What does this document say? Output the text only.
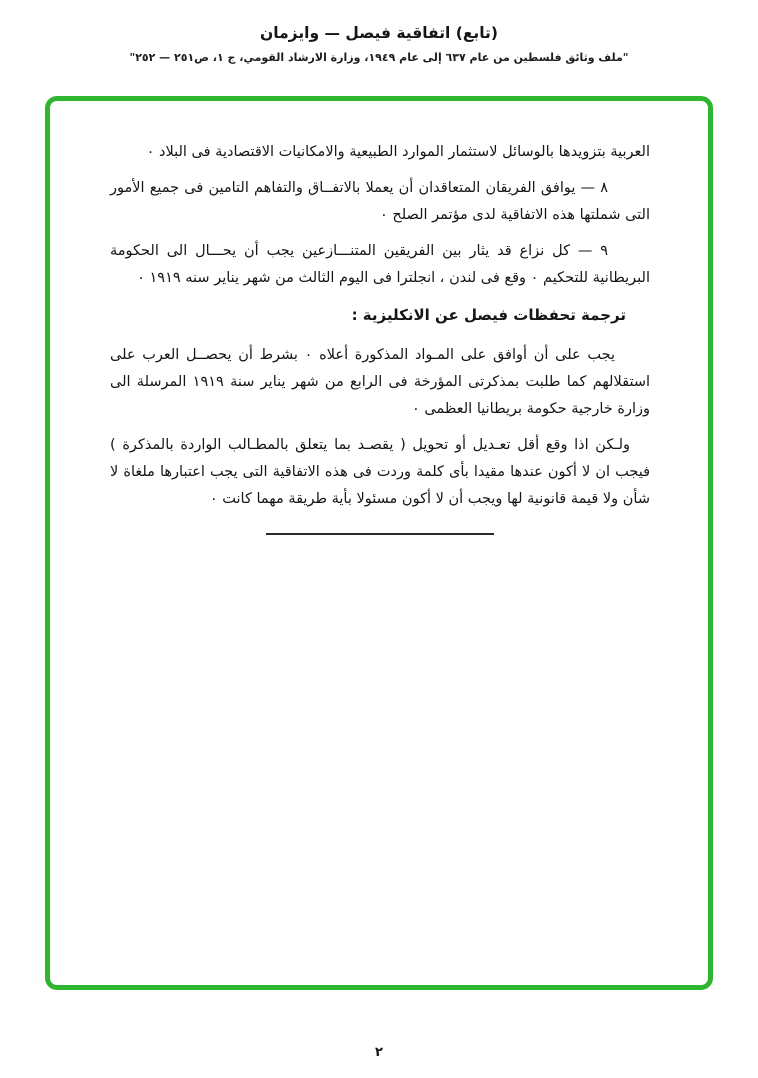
(تابع) اتفاقية فيصل — وايزمان
"ملف وثائق فلسطين من عام ٦٣٧ إلى عام ١٩٤٩، وزارة الارشاد القومي، ج ١، ص٢٥١ — ٢٥٢"

العربية بتزويدها بالوسائل لاستثمار الموارد الطبيعية والامكانيات الاقتصادية فى البلاد ٠

٨ — يوافق الفريقان المتعاقدان أن يعملا بالاتفــاق والتفاهم التامين فى جميع الأمور التى شملتها هذه الاتفاقية لدى مؤتمر الصلح ٠

٩ — كل نزاع قد يثار بين الفريقين المتنـــازعين يجب أن يحـــال الى الحكومة البريطانية للتحكيم ٠ وقع فى لندن ، انجلترا فى اليوم الثالث من شهر يناير سنه ١٩١٩ ٠

ترجمة تحفظات فيصل عن الانكليزية :

يجب على أن أوافق على المـواد المذكورة أعلاه ٠ بشرط أن يحصــل العرب على استقلالهم كما طلبت بمذكرتى المؤرخة فى الرابع من شهر يناير سنة ١٩١٩ المرسلة الى وزارة خارجية حكومة بريطانيا العظمى ٠

ولـكن اذا وقع أقل تعـديل أو تحويل ( يقصـد بما يتعلق بالمطـالب الواردة بالمذكرة ) فيجب ان لا أكون عندها مقيدا بأى كلمة وردت فى هذه الاتفاقية التى يجب اعتبارها ملغاة لا شأن ولا قيمة قانونية لها ويجب أن لا أكون مسئولا بأية طريقة مهما كانت ٠

٢
